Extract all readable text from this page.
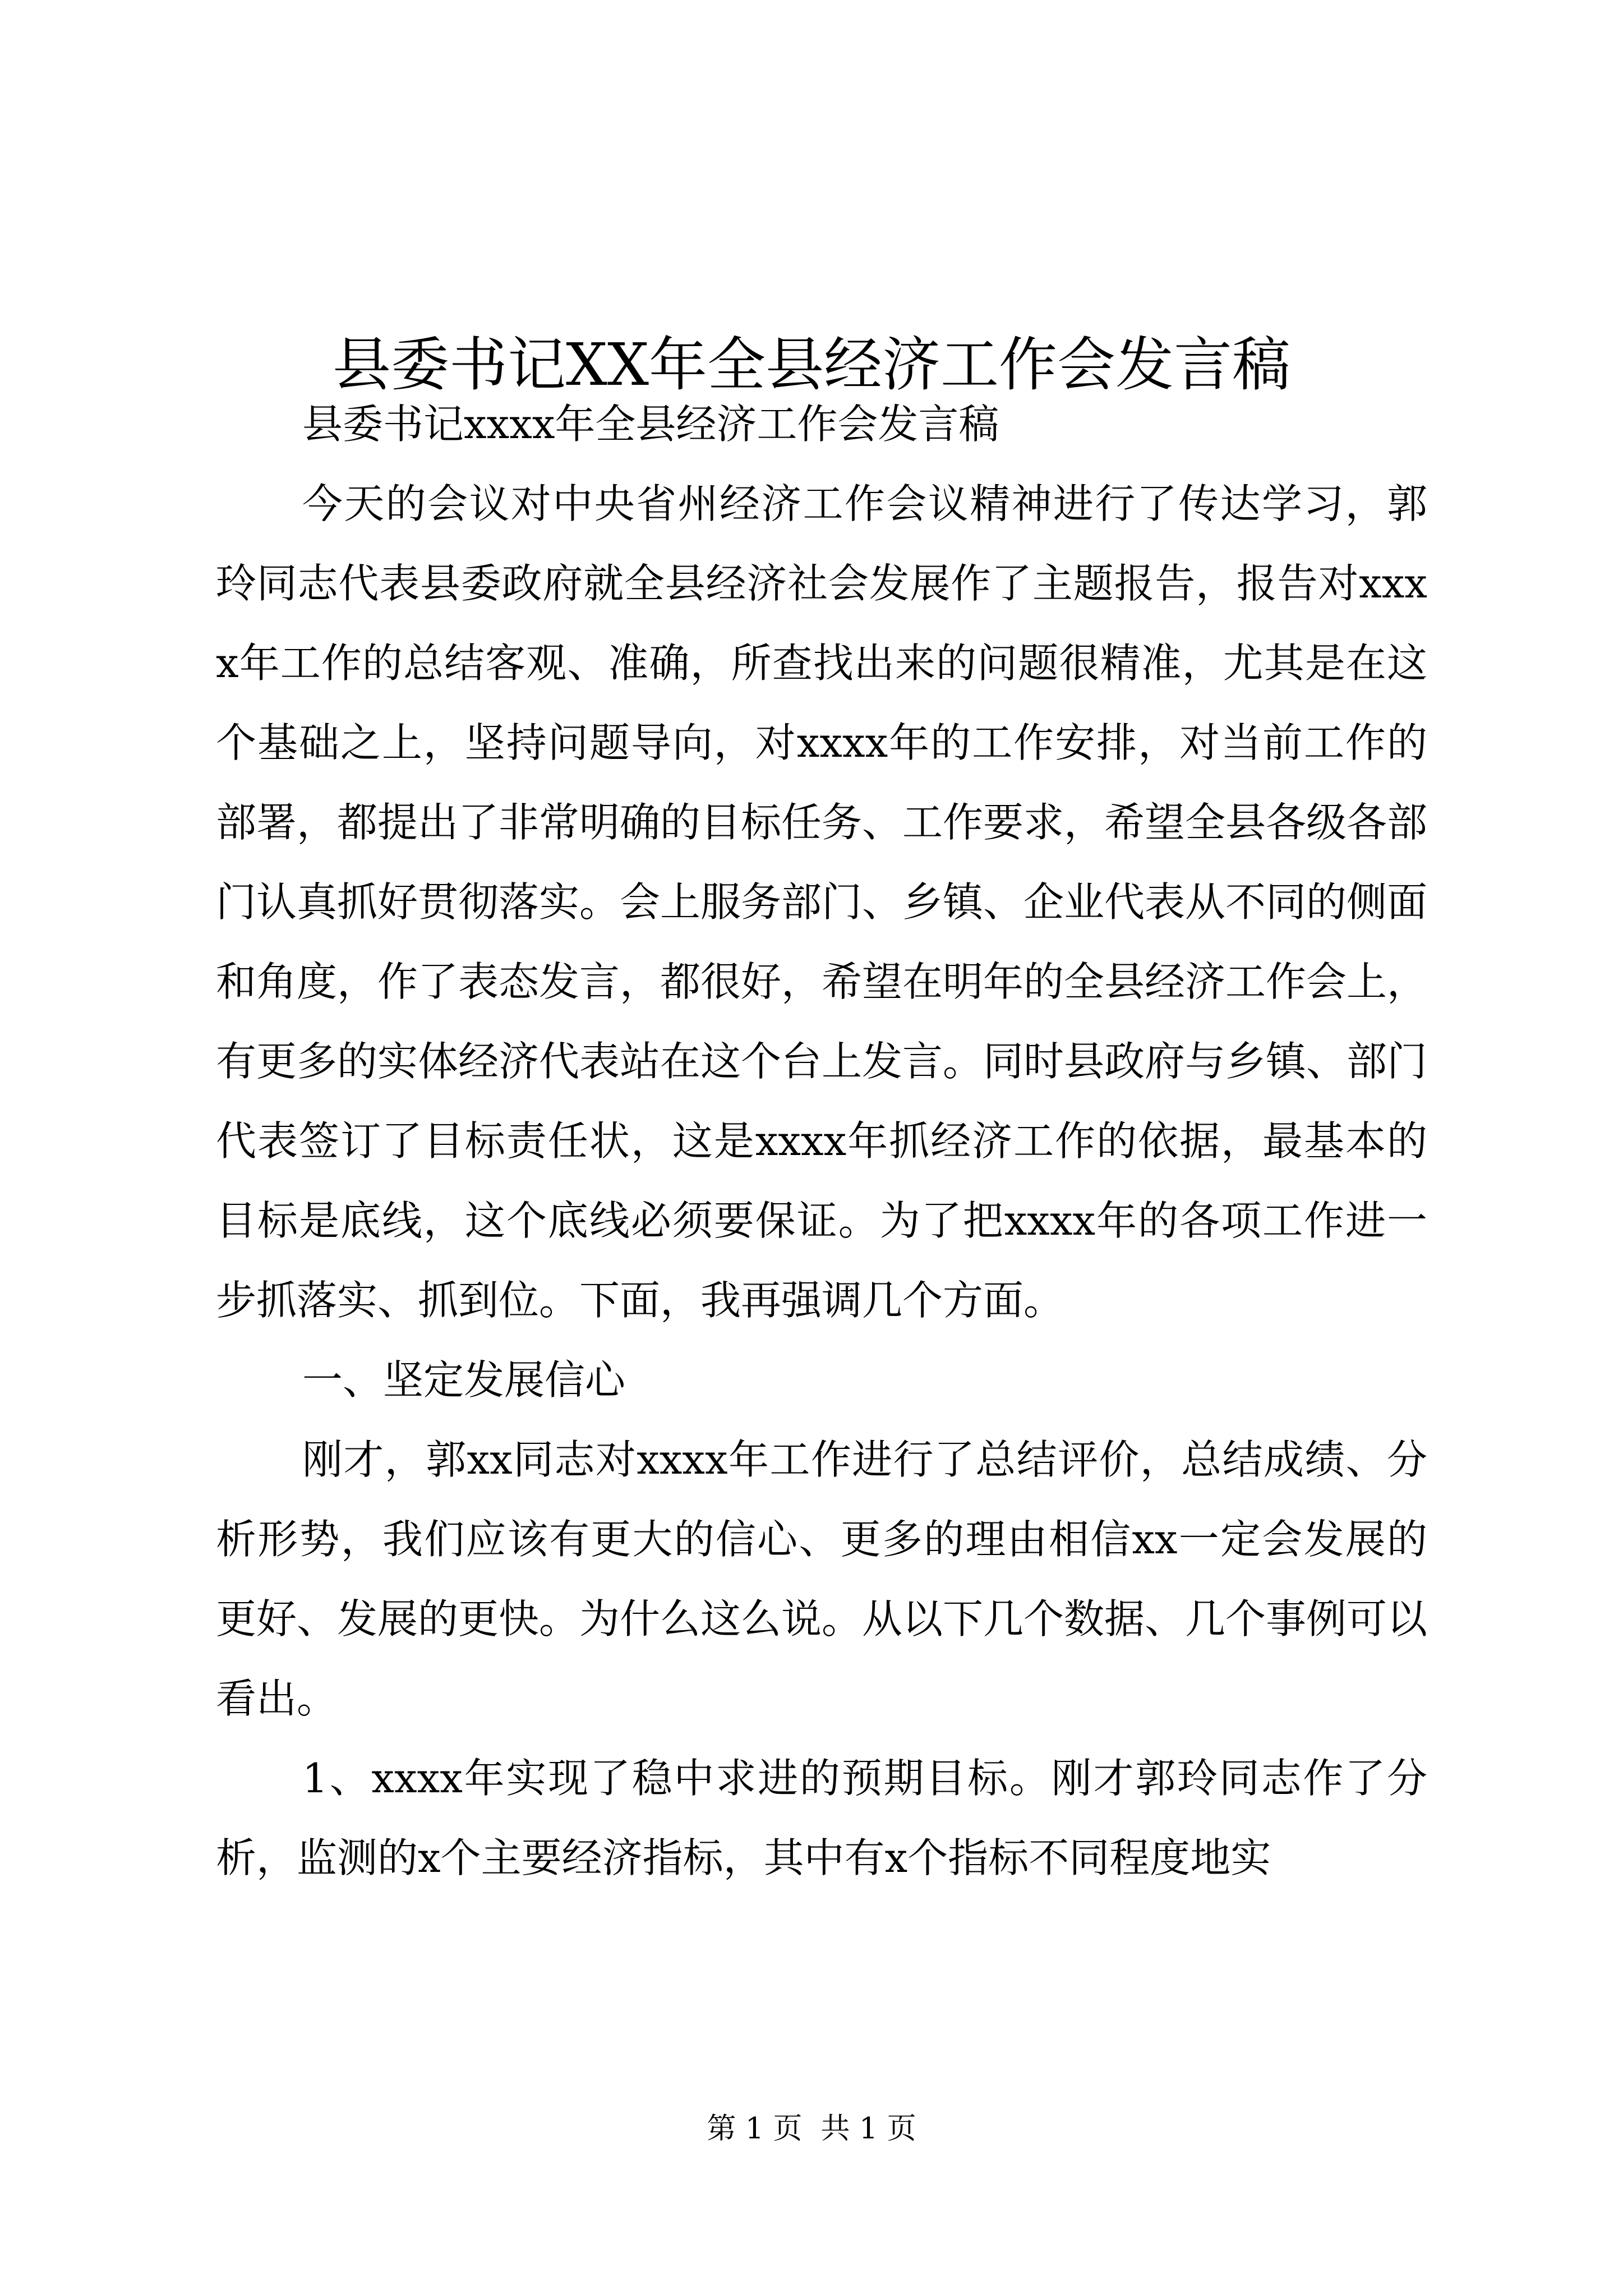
县委书记XX年全县经济工作会发言稿

县委书记xxxx年全县经济工作会发言稿

今天的会议对中央省州经济工作会议精神进行了传达学习，郭玲同志代表县委政府就全县经济社会发展作了主题报告，报告对xxxx年工作的总结客观、准确，所查找出来的问题很精准，尤其是在这个基础之上，坚持问题导向，对xxxx年的工作安排，对当前工作的部署，都提出了非常明确的目标任务、工作要求，希望全县各级各部门认真抓好贯彻落实。会上服务部门、乡镇、企业代表从不同的侧面和角度，作了表态发言，都很好，希望在明年的全县经济工作会上，有更多的实体经济代表站在这个台上发言。同时县政府与乡镇、部门代表签订了目标责任状，这是xxxx年抓经济工作的依据，最基本的目标是底线，这个底线必须要保证。为了把xxxx年的各项工作进一步抓落实、抓到位。下面，我再强调几个方面。

一、坚定发展信心

刚才，郭xx同志对xxxx年工作进行了总结评价，总结成绩、分析形势，我们应该有更大的信心、更多的理由相信xx一定会发展的更好、发展的更快。为什么这么说。从以下几个数据、几个事例可以看出。

1、xxxx年实现了稳中求进的预期目标。刚才郭玲同志作了分析，监测的x个主要经济指标，其中有x个指标不同程度地实

第 1 页  共 1 页
